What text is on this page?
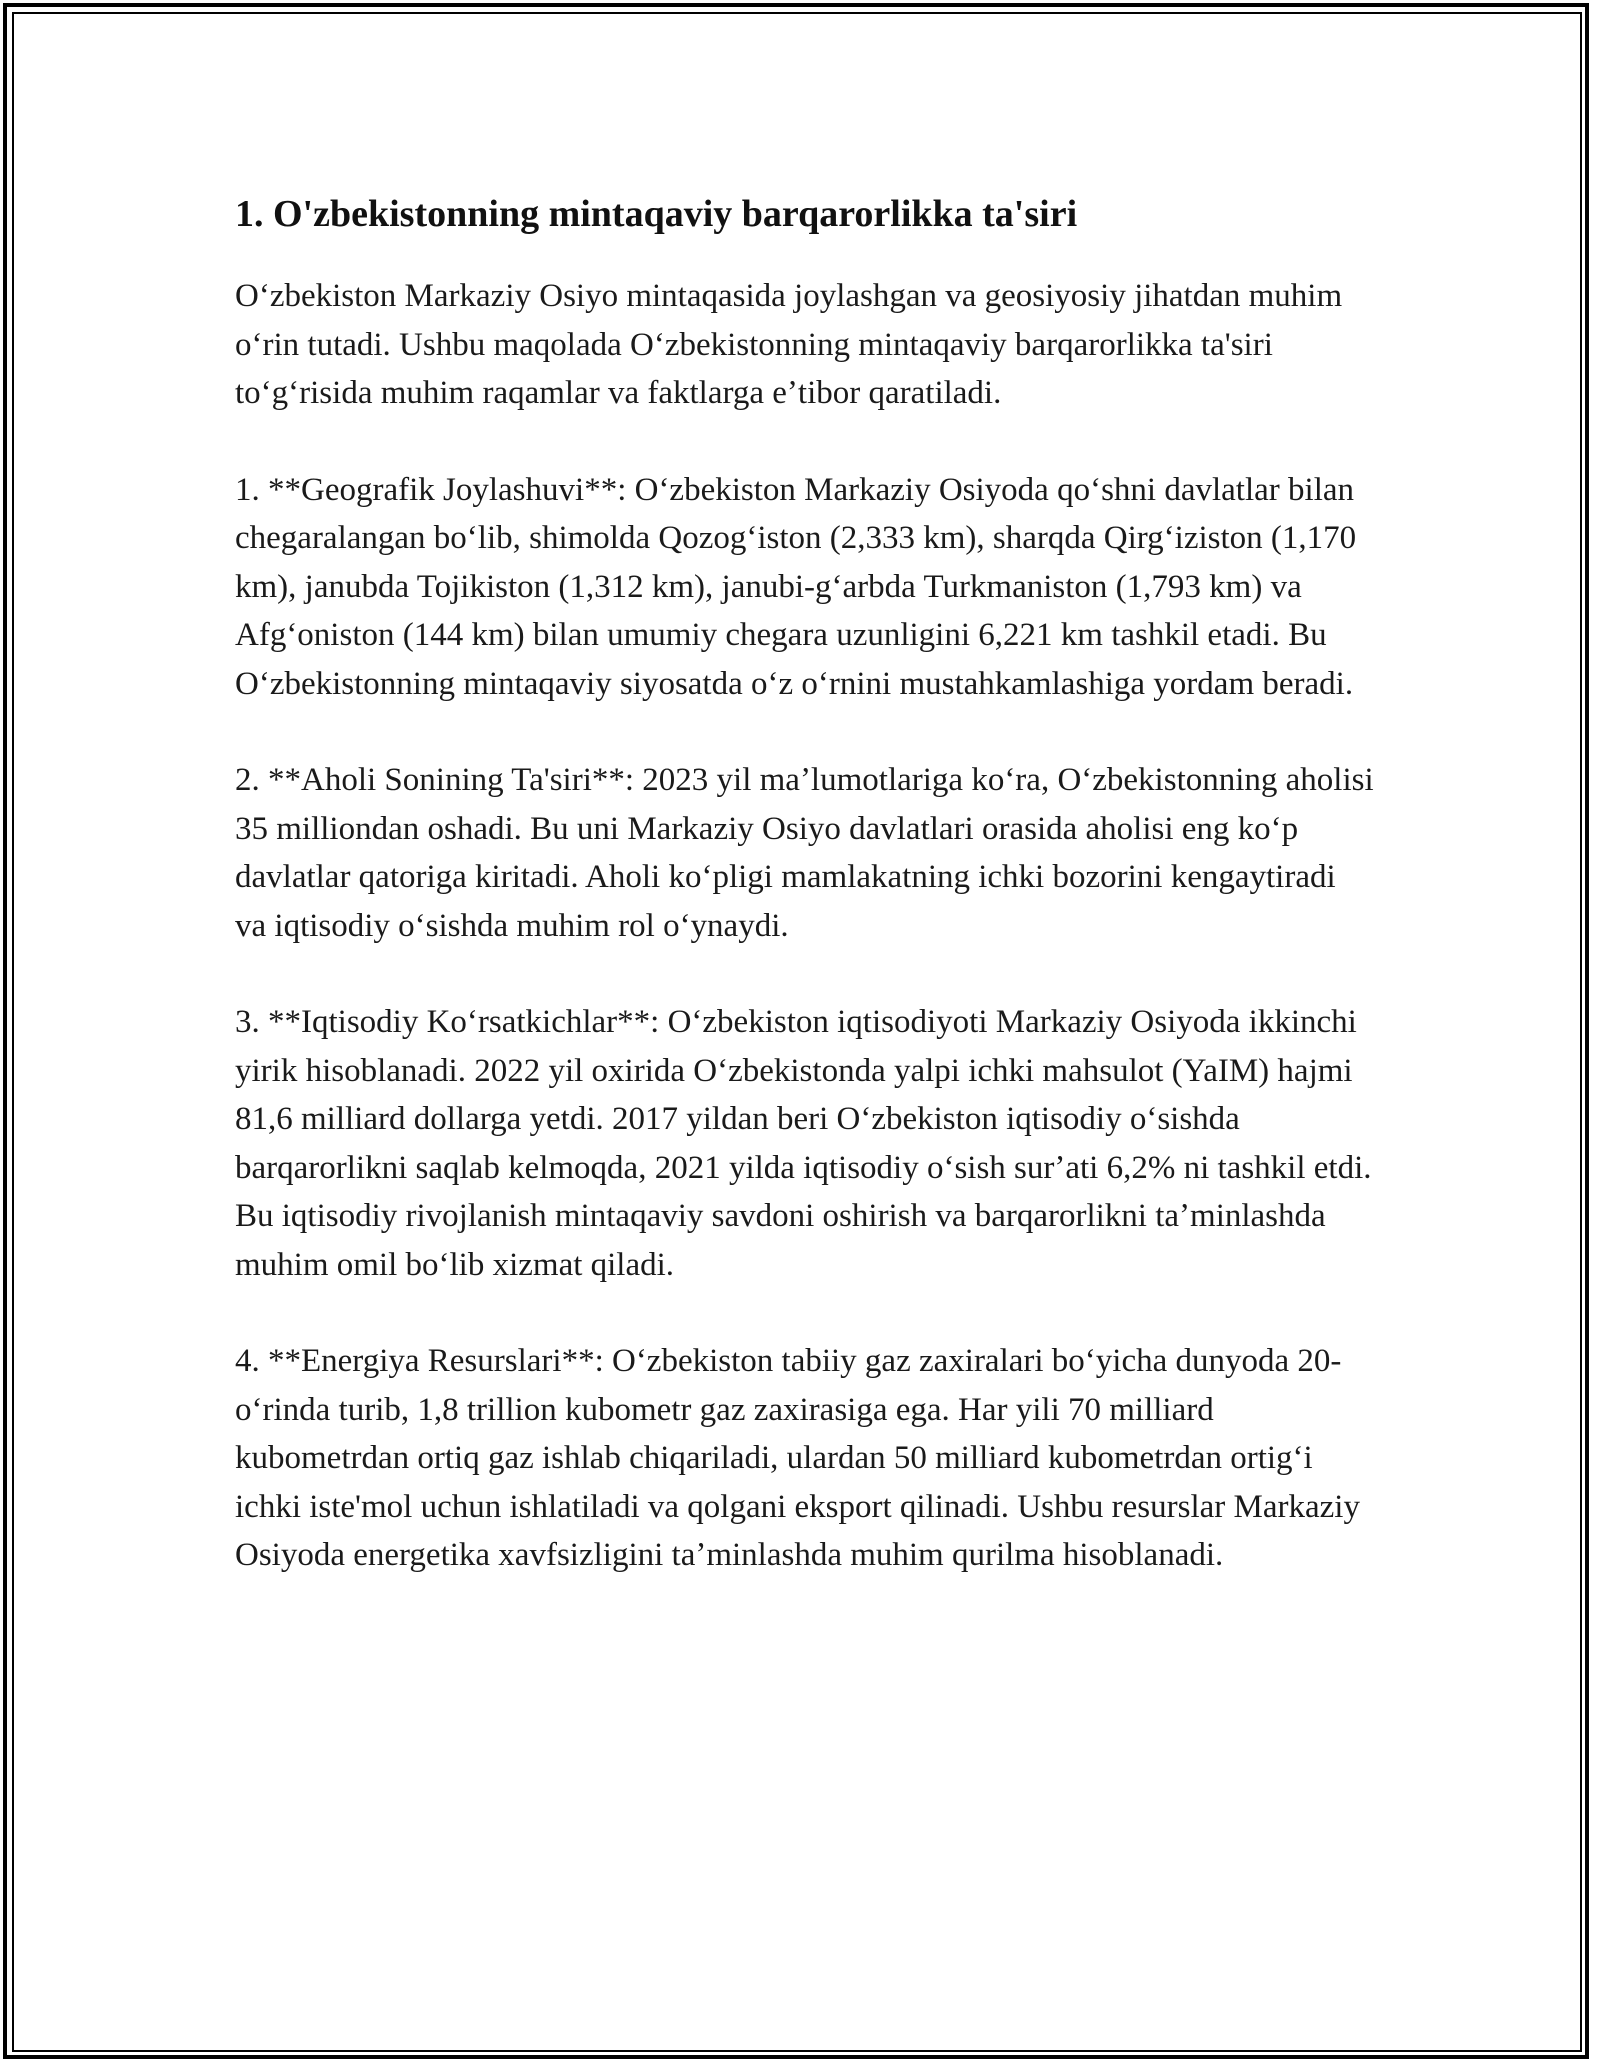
1. O'zbekistonning mintaqaviy barqarorlikka ta'siri

Oʻzbekiston Markaziy Osiyo mintaqasida joylashgan va geosiyosiy jihatdan muhim oʻrin tutadi. Ushbu maqolada Oʻzbekistonning mintaqaviy barqarorlikka ta'siri toʻgʻrisida muhim raqamlar va faktlarga eʼtibor qaratiladi.

1. **Geografik Joylashuvi**: Oʻzbekiston Markaziy Osiyoda qoʻshni davlatlar bilan chegaralangan boʻlib, shimolda Qozogʻiston (2,333 km), sharqda Qirgʻiziston (1,170 km), janubda Tojikiston (1,312 km), janubi-gʻarbda Turkmaniston (1,793 km) va Afgʻoniston (144 km) bilan umumiy chegara uzunligini 6,221 km tashkil etadi. Bu Oʻzbekistonning mintaqaviy siyosatda oʻz oʻrnini mustahkamlashiga yordam beradi.

2. **Aholi Sonining Ta'siri**: 2023 yil maʼlumotlariga koʻra, Oʻzbekistonning aholisi 35 milliondan oshadi. Bu uni Markaziy Osiyo davlatlari orasida aholisi eng koʻp davlatlar qatoriga kiritadi. Aholi koʻpligi mamlakatning ichki bozorini kengaytiradi va iqtisodiy oʻsishda muhim rol oʻynaydi.

3. **Iqtisodiy Koʻrsatkichlar**: Oʻzbekiston iqtisodiyoti Markaziy Osiyoda ikkinchi yirik hisoblanadi. 2022 yil oxirida Oʻzbekistonda yalpi ichki mahsulot (YaIM) hajmi 81,6 milliard dollarga yetdi. 2017 yildan beri Oʻzbekiston iqtisodiy oʻsishda barqarorlikni saqlab kelmoqda, 2021 yilda iqtisodiy oʻsish surʼati 6,2% ni tashkil etdi. Bu iqtisodiy rivojlanish mintaqaviy savdoni oshirish va barqarorlikni taʼminlashda muhim omil boʻlib xizmat qiladi.

4. **Energiya Resurslari**: Oʻzbekiston tabiiy gaz zaxiralari boʻyicha dunyoda 20-oʻrinda turib, 1,8 trillion kubometr gaz zaxirasiga ega. Har yili 70 milliard kubometrdan ortiq gaz ishlab chiqariladi, ulardan 50 milliard kubometrdan ortigʻi ichki iste'mol uchun ishlatiladi va qolgani eksport qilinadi. Ushbu resurslar Markaziy Osiyoda energetika xavfsizligini taʼminlashda muhim qurilma hisoblanadi.
